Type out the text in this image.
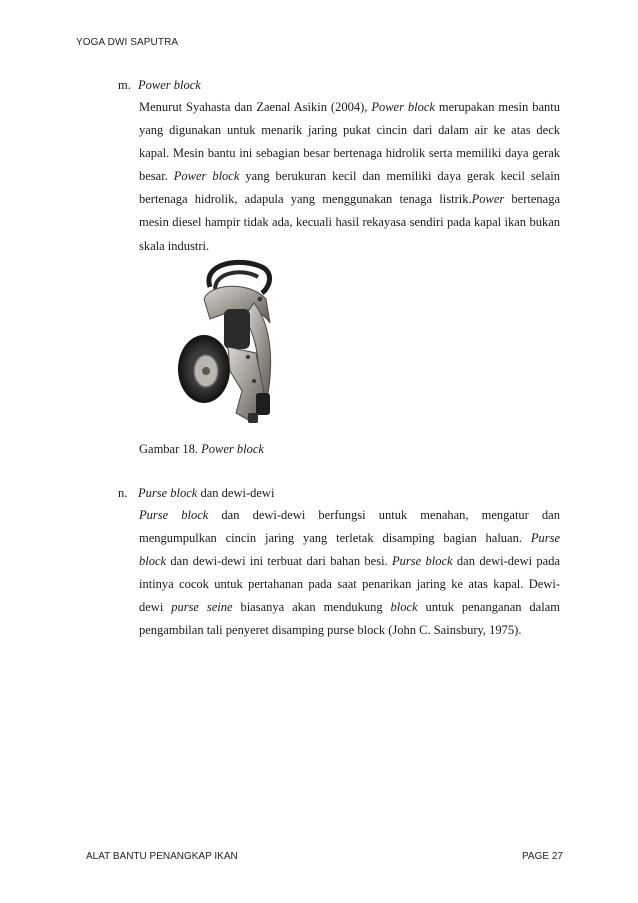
YOGA DWI SAPUTRA
m. Power block
Menurut Syahasta dan Zaenal Asikin (2004), Power block merupakan mesin bantu
yang digunakan untuk menarik jaring pukat cincin dari dalam air ke atas deck
kapal. Mesin bantu ini sebagian besar bertenaga hidrolik serta memiliki daya gerak
besar. Power block yang berukuran kecil dan memiliki daya gerak kecil selain
bertenaga hidrolik, adapula yang menggunakan tenaga listrik.Power bertenaga
mesin diesel hampir tidak ada, kecuali hasil rekayasa sendiri pada kapal ikan bukan
skala industri.
Gambar 18. Power block
n. Purse block dan dewi-dewi
Purse block dan dewi-dewi berfungsi untuk menahan, mengatur dan
mengumpulkan cincin jaring yang terletak disamping bagian haluan. Purse
block dan dewi-dewi ini terbuat dari bahan besi. Purse block dan dewi-dewi pada
intinya cocok untuk pertahanan pada saat penarikan jaring ke atas kapal. Dewi-
dewi purse seine biasanya akan mendukung block untuk penanganan dalam
pengambilan tali penyeret disamping purse block (John C. Sainsbury, 1975).
ALAT BANTU PENANGKAP IKAN	PAGE 27
